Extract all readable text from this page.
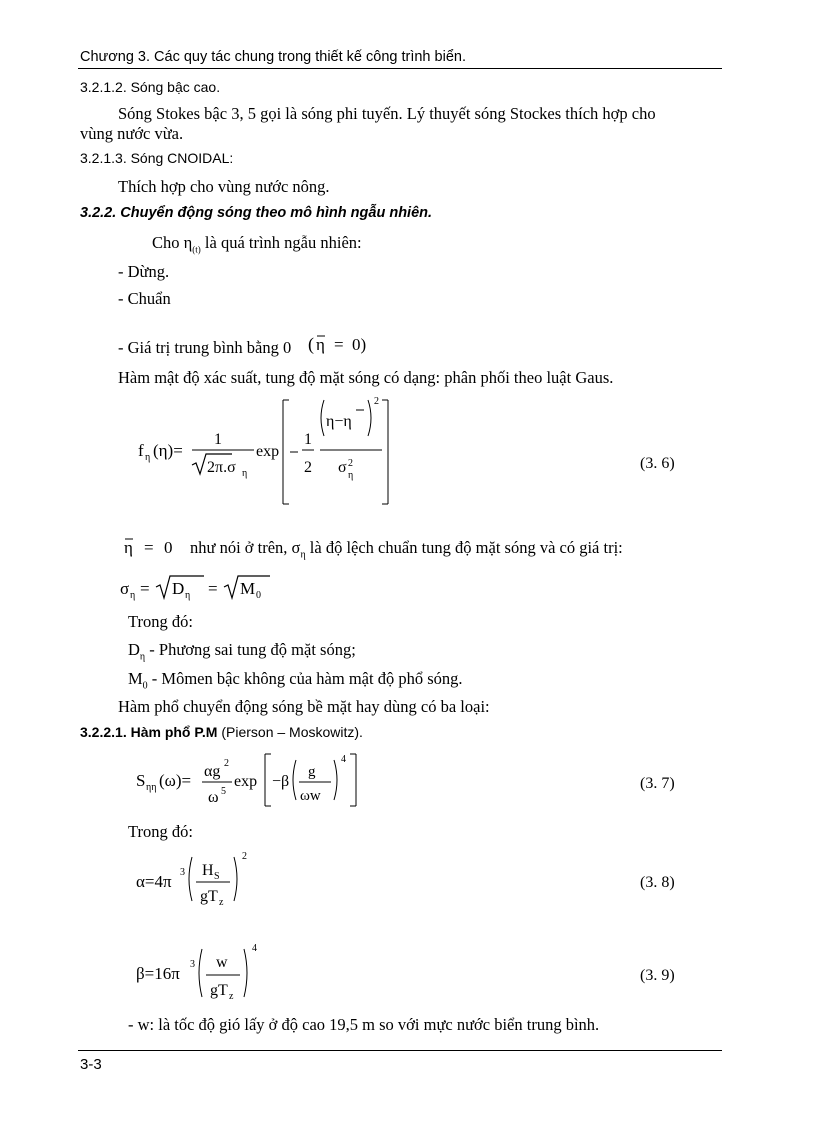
Chương 3. Các quy tác chung trong thiết kế công trình biển.
3.2.1.2. Sóng bậc cao.
Sóng Stokes bậc 3, 5 gọi là sóng phi tuyến. Lý thuyết sóng Stockes thích hợp cho
vùng nước vừa.
3.2.1.3. Sóng CNOIDAL:
Thích hợp cho vùng nước nông.
3.2.2. Chuyển động sóng theo mô hình ngẫu nhiên.
Cho $\eta_{(t)}$ là quá trình ngẫu nhiên:
- Dừng.
- Chuẩn
- Giá trị trung bình bằng 0 ( η = 0)
Hàm mật độ xác suất, tung độ mặt sóng có dạng: phân phối theo luật Gaus.
f η (η)=
1
2π.σ η
exp
1
2
η−η
2
σ 2
η
(3. 6)
η = 0 như nói ở trên, $\sigma_\eta$ là độ lệch chuẩn tung độ mặt sóng và có giá trị:
σ η = D η = M 0
Trong đó:
$D_\eta$ - Phương sai tung độ mặt sóng;
$M_0$ - Mômen bậc không của hàm mật độ phổ sóng.
Hàm phổ chuyển động sóng bề mặt hay dùng có ba loại:
3.2.2.1. Hàm phổ P.M (Pierson – Moskowitz).
S ηη (ω)= αg 2
ω 5
exp −β
g
ωw
4
(3. 7)
Trong đó:
α=4π 3 H S
gT z
2
(3. 8)
β=16π 3 w
gT z
4
(3. 9)
- w: là tốc độ gió lấy ở độ cao 19,5 m so với mực nước biển trung bình.
3-3
